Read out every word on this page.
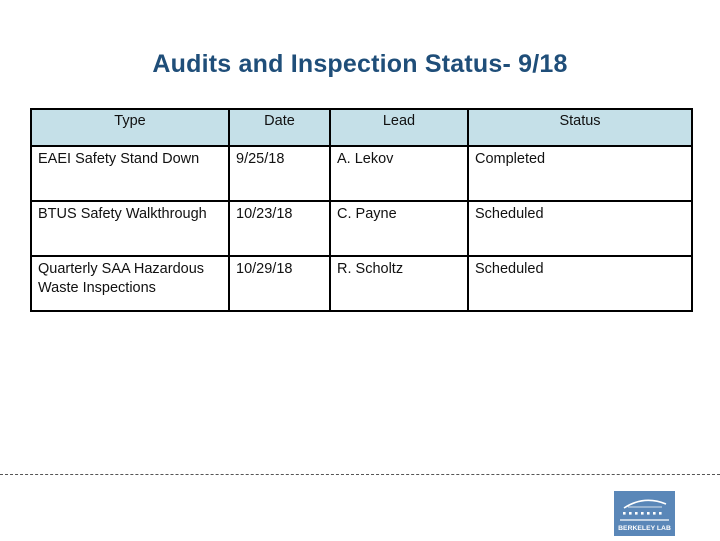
Audits and Inspection Status- 9/18
Type	Date	Lead	Status
EAEI Safety Stand Down	9/25/18	A. Lekov	Completed
BTUS Safety Walkthrough	10/23/18	C. Payne	Scheduled
Quarterly SAA Hazardous Waste Inspections	10/29/18	R. Scholtz	Scheduled
BERKELEY LAB
